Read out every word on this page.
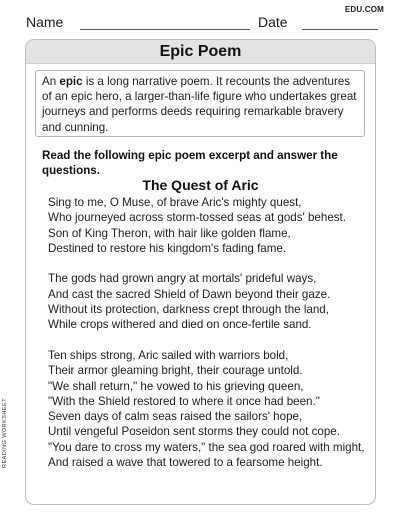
EDU.COM
Name	Date
Epic Poem
An epic is a long narrative poem. It recounts the adventures of an epic hero, a larger-than-life figure who undertakes great journeys and performs deeds requiring remarkable bravery and cunning.
Read the following epic poem excerpt and answer the questions.
The Quest of Aric
Sing to me, O Muse, of brave Aric's mighty quest,
Who journeyed across storm-tossed seas at gods' behest.
Son of King Theron, with hair like golden flame,
Destined to restore his kingdom's fading fame.
The gods had grown angry at mortals' prideful ways,
And cast the sacred Shield of Dawn beyond their gaze.
Without its protection, darkness crept through the land,
While crops withered and died on once-fertile sand.
Ten ships strong, Aric sailed with warriors bold,
Their armor gleaming bright, their courage untold.
"We shall return," he vowed to his grieving queen,
"With the Shield restored to where it once had been."
Seven days of calm seas raised the sailors' hope,
Until vengeful Poseidon sent storms they could not cope.
"You dare to cross my waters," the sea god roared with might,
And raised a wave that towered to a fearsome height.
READING WORKSHEET
